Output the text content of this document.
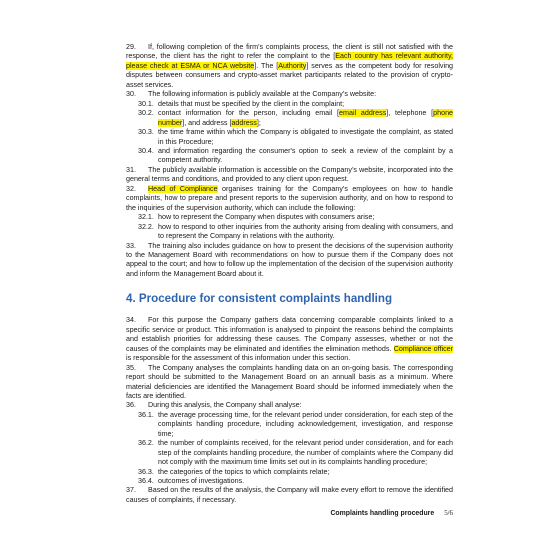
29. If, following completion of the firm’s complaints process, the client is still not satisfied with the response, the client has the right to refer the complaint to the [Each country has relevant authority, please check at ESMA or NCA website]. The [Authority] serves as the competent body for resolving disputes between consumers and crypto-asset market participants related to the provision of crypto-asset services.

30. The following information is publicly available at the Company’s website:

30.1. details that must be specified by the client in the complaint;

30.2. contact information for the person, including email [email address], telephone [phone number], and address [address];

30.3. the time frame within which the Company is obligated to investigate the complaint, as stated in this Procedure;

30.4. and information regarding the consumer's option to seek a review of the complaint by a competent authority.

31. The publicly available information is accessible on the Company’s website, incorporated into the general terms and conditions, and provided to any client upon request.

32. Head of Compliance organises training for the Company’s employees on how to handle complaints, how to prepare and present reports to the supervision authority, and on how to respond to the inquiries of the supervision authority, which can include the following:

32.1. how to represent the Company when disputes with consumers arise;

32.2. how to respond to other inquiries from the authority arising from dealing with consumers, and to represent the Company in relations with the authority.

33. The training also includes guidance on how to present the decisions of the supervision authority to the Management Board with recommendations on how to pursue them if the Company does not appeal to the court; and how to follow up the implementation of the decision of the supervision authority and inform the Management Board about it.

4. Procedure for consistent complaints handling

34. For this purpose the Company gathers data concerning comparable complaints linked to a specific service or product. This information is analysed to pinpoint the reasons behind the complaints and establish priorities for addressing these causes. The Company assesses, whether or not the causes of the complaints may be eliminated and identifies the elimination methods. Compliance officer is responsible for the assessment of this information under this section.

35. The Company analyses the complaints handling data on an on-going basis. The corresponding report should be submitted to the Management Board on an annuall basis as a minimum. Where material deficiencies are identified the Management Board should be informed immediately when the facts are identified.

36. During this analysis, the Company shall analyse:

36.1. the average processing time, for the relevant period under consideration, for each step of the complaints handling procedure, including acknowledgement, investigation, and response time;

36.2. the number of complaints received, for the relevant period under consideration, and for each step of the complaints handling procedure, the number of complaints where the Company did not comply with the maximum time limits set out in its complaints handling procedure;

36.3. the categories of the topics to which complaints relate;

36.4. outcomes of investigations.

37. Based on the results of the analysis, the Company will make every effort to remove the identified causes of complaints, if necessary.

Complaints handling procedure 5/6
